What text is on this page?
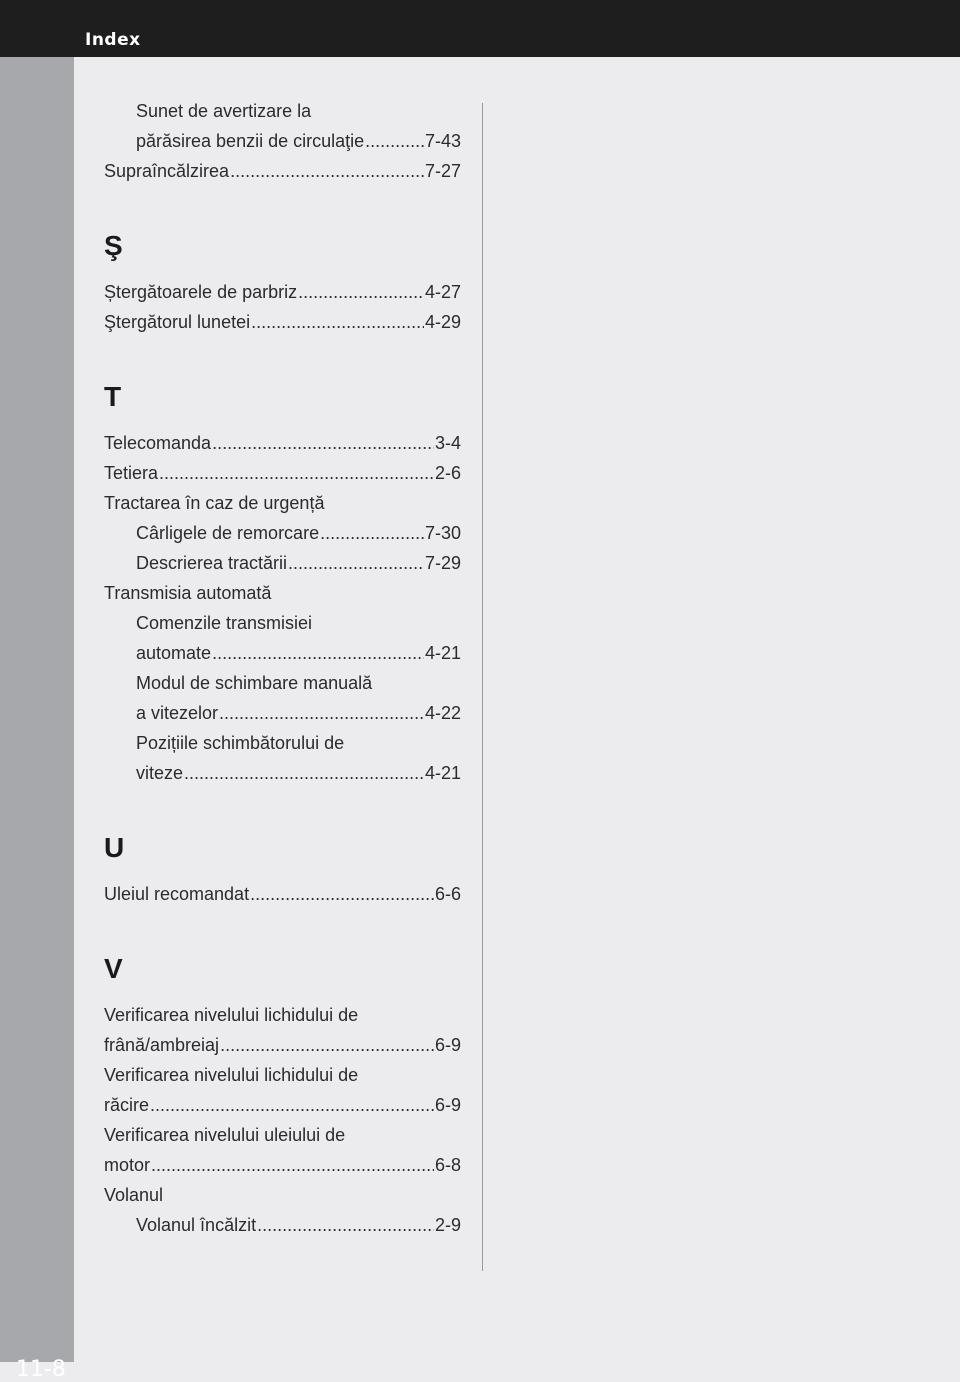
Index
11-8
Sunet de avertizare la
părăsirea benzii de circulaţie .....	7-43
Supraîncălzirea .....	7-27
Ş
Ștergătoarele de parbriz .....	4-27
Ştergătorul lunetei .....	4-29
T
Telecomanda .....	3-4
Tetiera .....	2-6
Tractarea în caz de urgență
Cârligele de remorcare .....	7-30
Descrierea tractării .....	7-29
Transmisia automată
Comenzile transmisiei
automate .....	4-21
Modul de schimbare manuală
a vitezelor .....	4-22
Pozițiile schimbătorului de
viteze .....	4-21
U
Uleiul recomandat .....	6-6
V
Verificarea nivelului lichidului de
frână/ambreiaj .....	6-9
Verificarea nivelului lichidului de
răcire .....	6-9
Verificarea nivelului uleiului de
motor .....	6-8
Volanul
Volanul încălzit .....	2-9
